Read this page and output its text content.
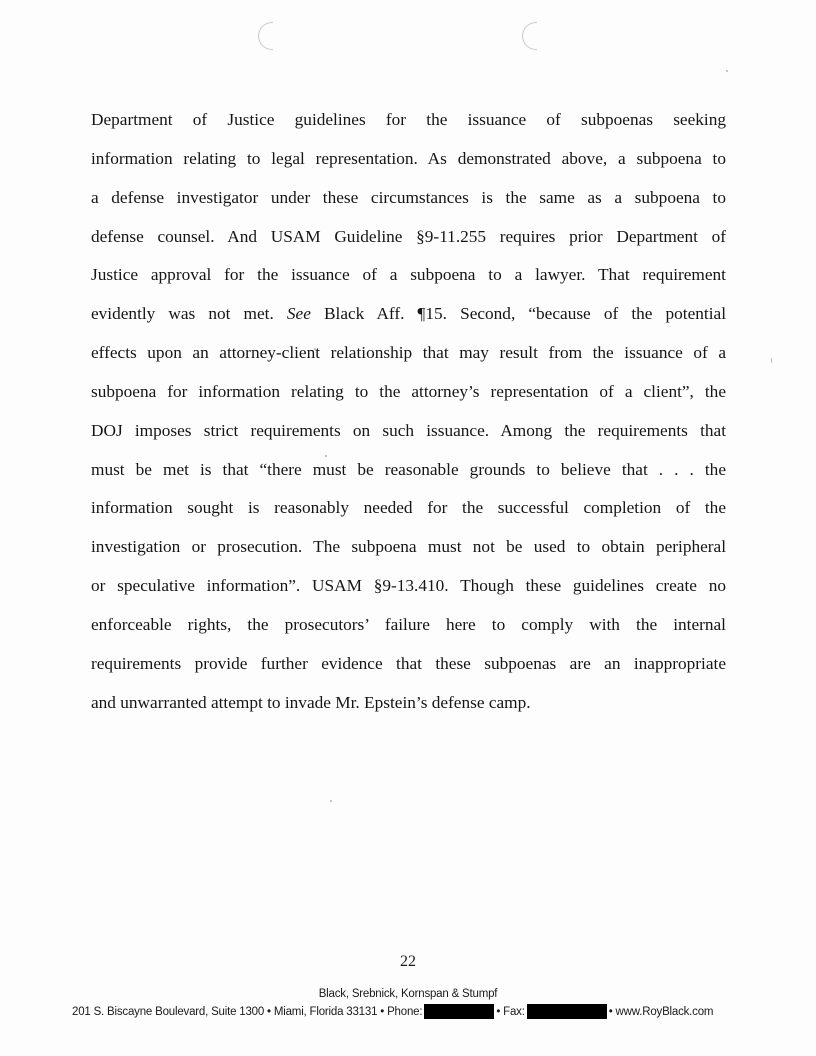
Department of Justice guidelines for the issuance of subpoenas seeking
information relating to legal representation. As demonstrated above, a subpoena to
a defense investigator under these circumstances is the same as a subpoena to
defense counsel. And USAM Guideline §9-11.255 requires prior Department of
Justice approval for the issuance of a subpoena to a lawyer. That requirement
evidently was not met. See Black Aff. ¶15. Second, “because of the potential
effects upon an attorney-client relationship that may result from the issuance of a
subpoena for information relating to the attorney’s representation of a client”, the
DOJ imposes strict requirements on such issuance. Among the requirements that
must be met is that “there must be reasonable grounds to believe that . . . the
information sought is reasonably needed for the successful completion of the
investigation or prosecution. The subpoena must not be used to obtain peripheral
or speculative information”. USAM §9-13.410. Though these guidelines create no
enforceable rights, the prosecutors’ failure here to comply with the internal
requirements provide further evidence that these subpoenas are an inappropriate
and unwarranted attempt to invade Mr. Epstein’s defense camp.
22
Black, Srebnick, Kornspan & Stumpf
201 S. Biscayne Boulevard, Suite 1300 • Miami, Florida 33131 • Phone:	• Fax:	• www.RoyBlack.com
